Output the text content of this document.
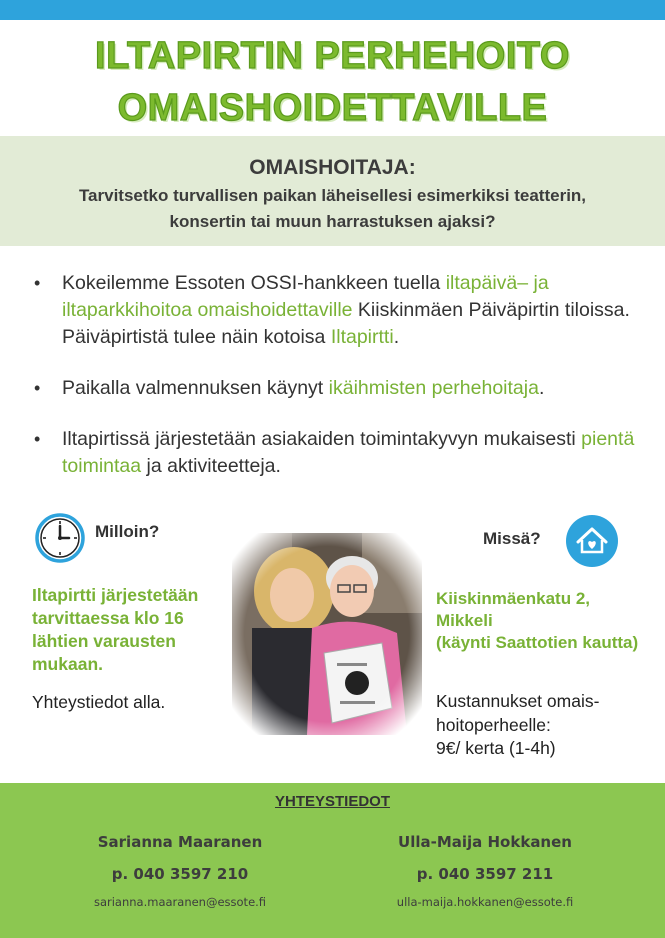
ILTAPIRTIN PERHEHOITO
OMAISHOIDETTAVILLE
OMAISHOITAJA:
Tarvitsetko turvallisen paikan läheisellesi esimerkiksi teatterin,
konsertin tai muun harrastuksen ajaksi?
• Kokeilemme Essoten OSSI-hankkeen tuella iltapäivä– ja iltaparkkihoitoa omaishoidettaville Kiiskinmäen Päiväpirtin tiloissa. Päiväpirtistä tulee näin kotoisa Iltapirtti.
• Paikalla valmennuksen käynyt ikäihmisten perhehoitaja.
• Iltapirtissä järjestetään asiakaiden toimintakyvyn mukaisesti pientä toimintaa ja aktiviteetteja.
Milloin?
Iltapirtti järjestetään tarvittaessa klo 16 lähtien varausten mukaan.
Yhteystiedot alla.
Missä?
Kiiskinmäenkatu 2,
Mikkeli
(käynti Saattotien kautta)
Kustannukset omais-
hoitoperheelle:
9€/ kerta (1-4h)
YHTEYSTIEDOT
Sarianna Maaranen
p. 040 3597 210
sarianna.maaranen@essote.fi
Ulla-Maija Hokkanen
p. 040 3597 211
ulla-maija.hokkanen@essote.fi
